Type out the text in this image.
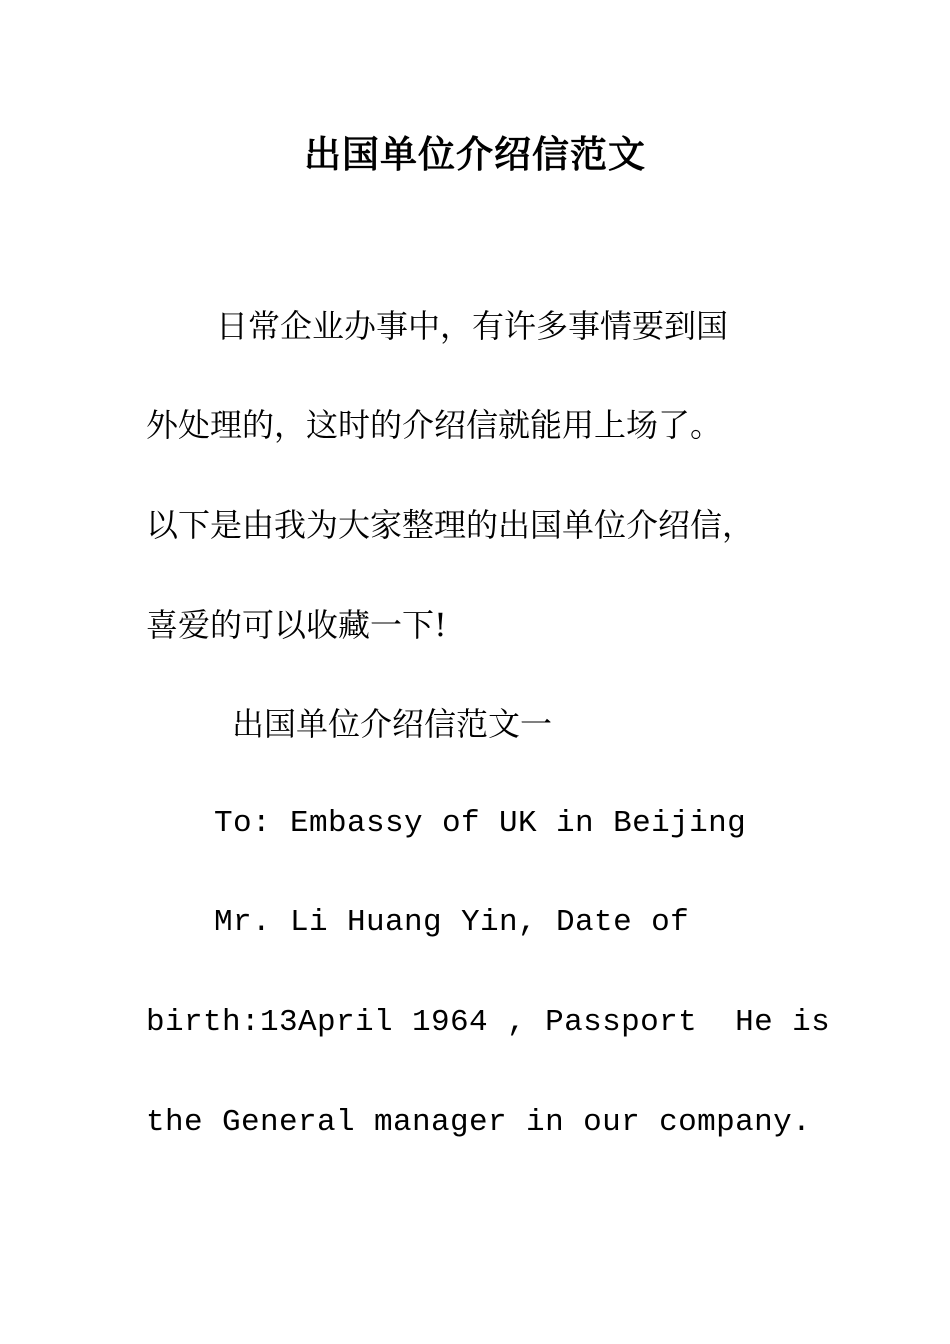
出国单位介绍信范文
日常企业办事中，有许多事情要到国
外处理的，这时的介绍信就能用上场了。
以下是由我为大家整理的出国单位介绍信，
喜爱的可以收藏一下!
出国单位介绍信范文一
To: Embassy of UK in Beijing
Mr. Li Huang Yin, Date of
birth:13April 1964 , Passport  He is
the General manager in our company.
